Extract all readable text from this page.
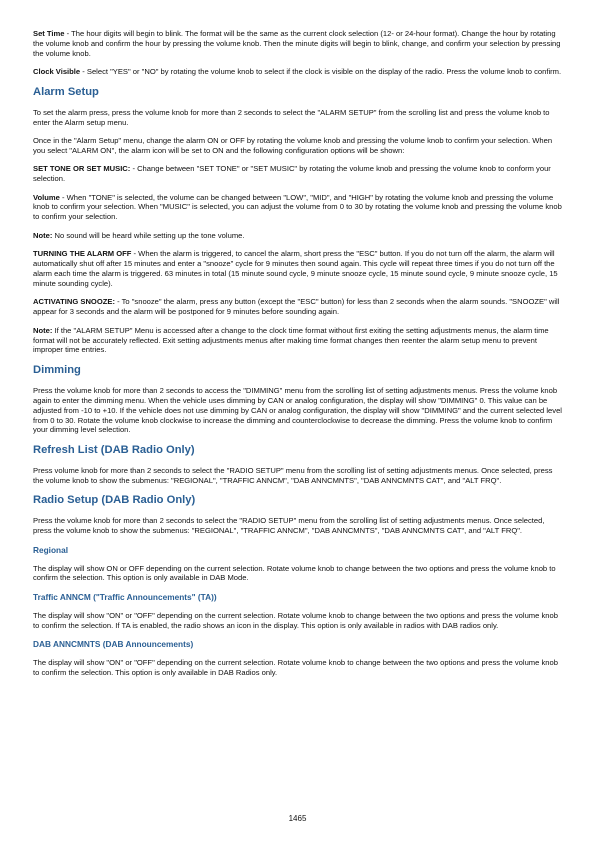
Set Time - The hour digits will begin to blink. The format will be the same as the current clock selection (12- or 24-hour format). Change the hour by rotating the volume knob and confirm the hour by pressing the volume knob. Then the minute digits will begin to blink, change, and confirm your selection by pressing the volume knob.

Clock Visible - Select "YES" or "NO" by rotating the volume knob to select if the clock is visible on the display of the radio. Press the volume knob to confirm.

Alarm Setup

To set the alarm press, press the volume knob for more than 2 seconds to select the "ALARM SETUP" from the scrolling list and press the volume knob to enter the Alarm setup menu.

Once in the "Alarm Setup" menu, change the alarm ON or OFF by rotating the volume knob and pressing the volume knob to confirm your selection. When you select "ALARM ON", the alarm icon will be set to ON and the following configuration options will be shown:

SET TONE OR SET MUSIC: - Change between "SET TONE" or "SET MUSIC" by rotating the volume knob and pressing the volume knob to conform your selection.

Volume - When "TONE" is selected, the volume can be changed between "LOW", "MID", and "HIGH" by rotating the volume knob and pressing the volume knob to confirm your selection. When "MUSIC" is selected, you can adjust the volume from 0 to 30 by rotating the volume knob and pressing the volume knob to confirm your selection.

Note: No sound will be heard while setting up the tone volume.

TURNING THE ALARM OFF - When the alarm is triggered, to cancel the alarm, short press the "ESC" button. If you do not turn off the alarm, the alarm will automatically shut off after 15 minutes and enter a "snooze" cycle for 9 minutes then sound again. This cycle will repeat three times if you do not turn off the alarm each time the alarm is triggered. 63 minutes in total (15 minute sound cycle, 9 minute snooze cycle, 15 minute sound cycle, 9 minute snooze cycle, 15 minute sounding cycle).

ACTIVATING SNOOZE: - To "snooze" the alarm, press any button (except the "ESC" button) for less than 2 seconds when the alarm sounds. "SNOOZE" will appear for 3 seconds and the alarm will be postponed for 9 minutes before sounding again.

Note: If the "ALARM SETUP" Menu is accessed after a change to the clock time format without first exiting the setting adjustments menus, the alarm time format will not be accurately reflected. Exit setting adjustments menus after making time format changes then reenter the alarm setup menu to prevent improper time entries.

Dimming

Press the volume knob for more than 2 seconds to access the "DIMMING" menu from the scrolling list of setting adjustments menus. Press the volume knob again to enter the dimming menu. When the vehicle uses dimming by CAN or analog configuration, the display will show "DIMMING" 0. This value can be adjusted from -10 to +10. If the vehicle does not use dimming by CAN or analog configuration, the display will show "DIMMING" and the current selected level from 0 to 30. Rotate the volume knob clockwise to increase the dimming and counterclockwise to decrease the dimming. Press the volume knob to confirm your dimming level selection.

Refresh List (DAB Radio Only)

Press volume knob for more than 2 seconds to select the "RADIO SETUP" menu from the scrolling list of setting adjustments menus. Once selected, press the volume knob to show the submenus: "REGIONAL", "TRAFFIC ANNCM", "DAB ANNCMNTS", "DAB ANNCMNTS CAT", and "ALT FRQ".

Radio Setup (DAB Radio Only)

Press the volume knob for more than 2 seconds to select the "RADIO SETUP" menu from the scrolling list of setting adjustments menus. Once selected, press the volume knob to show the submenus: "REGIONAL", "TRAFFIC ANNCM", "DAB ANNCMNTS", "DAB ANNCMNTS CAT", and "ALT FRQ".

Regional

The display will show ON or OFF depending on the current selection. Rotate volume knob to change between the two options and press the volume knob to confirm the selection. This option is only available in DAB Mode.

Traffic ANNCM ("Traffic Announcements" (TA))

The display will show "ON" or "OFF" depending on the current selection. Rotate volume knob to change between the two options and press the volume knob to confirm the selection. If TA is enabled, the radio shows an icon in the display. This option is only available in radios with DAB radios only.

DAB ANNCMNTS (DAB Announcements)

The display will show "ON" or "OFF" depending on the current selection. Rotate volume knob to change between the two options and press the volume knob to confirm the selection. This option is only available in DAB Radios only.

1465
